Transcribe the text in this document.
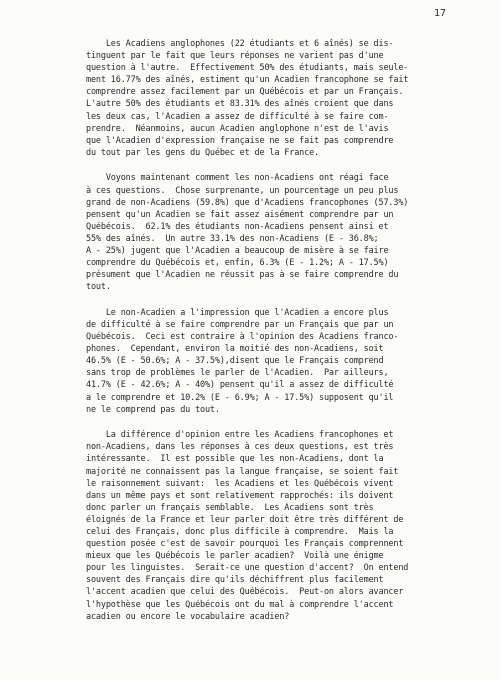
17
Les Acadiens anglophones (22 étudiants et 6 aînés) se dis-
tinguent par le fait que leurs réponses ne varient pas d'une
question à l'autre.  Effectivement 50% des étudiants, mais seule-
ment 16.77% des aînés, estiment qu'un Acadien francophone se fait
comprendre assez facilement par un Québécois et par un Français.
L'autre 50% des étudiants et 83.31% des aînés croient que dans
les deux cas, l'Acadien a assez de difficulté à se faire com-
prendre.  Néanmoins, aucun Acadien anglophone n'est de l'avis
que l'Acadien d'expression française ne se fait pas comprendre
du tout par les gens du Québec et de la France.
Voyons maintenant comment les non-Acadiens ont réagi face
à ces questions.  Chose surprenante, un pourcentage un peu plus
grand de non-Acadiens (59.8%) que d'Acadiens francophones (57.3%)
pensent qu'un Acadien se fait assez aisément comprendre par un
Québécois.  62.1% des étudiants non-Acadiens pensent ainsi et
55% des aînés.  Un autre 33.1% des non-Acadiens (E - 36.8%;
A - 25%) jugent que l'Acadien a beaucoup de misère à se faire
comprendre du Québécois et, enfin, 6.3% (E - 1.2%; A - 17.5%)
présument que l'Acadien ne réussit pas à se faire comprendre du
tout.
Le non-Acadien a l'impression que l'Acadien a encore plus
de difficulté à se faire comprendre par un Français que par un
Québécois.  Ceci est contraire à l'opinion des Acadiens franco-
phones.  Cependant, environ la moitié des non-Acadiens, soit
46.5% (E - 50.6%; A - 37.5%),disent que le Français comprend
sans trop de problèmes le parler de l'Acadien.  Par ailleurs,
41.7% (E - 42.6%; A - 40%) pensent qu'il a assez de difficulté
a le comprendre et 10.2% (E - 6.9%; A - 17.5%) supposent qu'il
ne le comprend pas du tout.
La différence d'opinion entre les Acadiens francophones et
non-Acadiens, dans les réponses à ces deux questions, est très
intéressante.  Il est possible que les non-Acadiens, dont la
majorité ne connaissent pas la langue française, se soient fait
le raisonnement suivant:  les Acadiens et les Québécois vivent
dans un même pays et sont relativement rapprochés: ils doivent
donc parler un français semblable.  Les Acadiens sont très
éloignés de la France et leur parler doit être très différent de
celui des Français, donc plus difficile à comprendre.  Mais la
question posée c'est de savoir pourquoi les Français comprennent
mieux que les Québécois le parler acadien?  Voilà une énigme
pour les linguistes.  Serait-ce une question d'accent?  On entend
souvent des Français dire qu'ils déchiffrent plus facilement
l'accent acadien que celui des Québécois.  Peut-on alors avancer
l'hypothèse que les Québécois ont du mal à comprendre l'accent
acadien ou encore le vocabulaire acadien?
